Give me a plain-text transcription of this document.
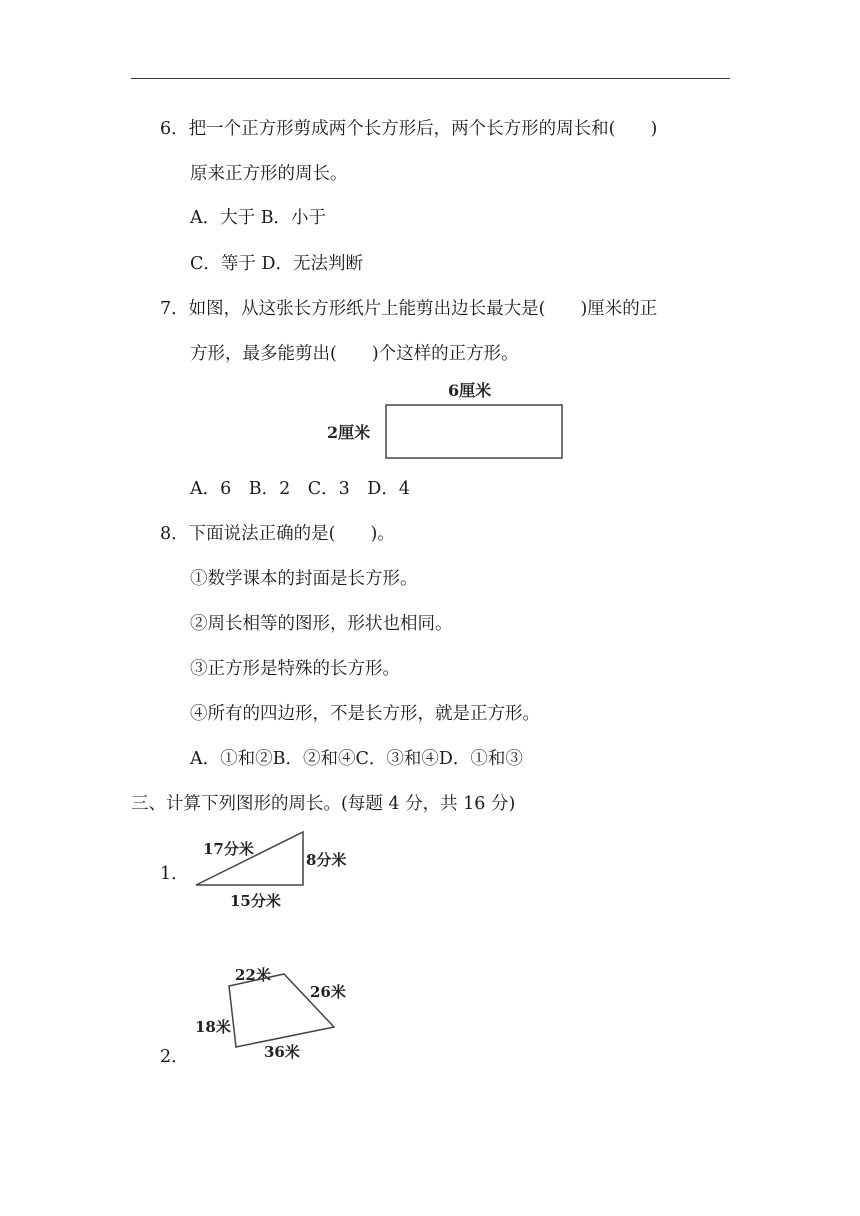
6．把一个正方形剪成两个长方形后，两个长方形的周长和(　　)
原来正方形的周长。
A．大于 B．小于
C．等于 D．无法判断
7．如图，从这张长方形纸片上能剪出边长最大是(　　)厘米的正
方形，最多能剪出(　　)个这样的正方形。
6厘米
2厘米
A．6　B．2　C．3　D．4
8．下面说法正确的是(　　)。
①数学课本的封面是长方形。
②周长相等的图形，形状也相同。
③正方形是特殊的长方形。
④所有的四边形，不是长方形，就是正方形。
A．①和②B．②和④C．③和④D．①和③
三、计算下列图形的周长。(每题 4 分，共 16 分)
1．
17分米
8分米
15分米
2．
22米
26米
18米
36米
